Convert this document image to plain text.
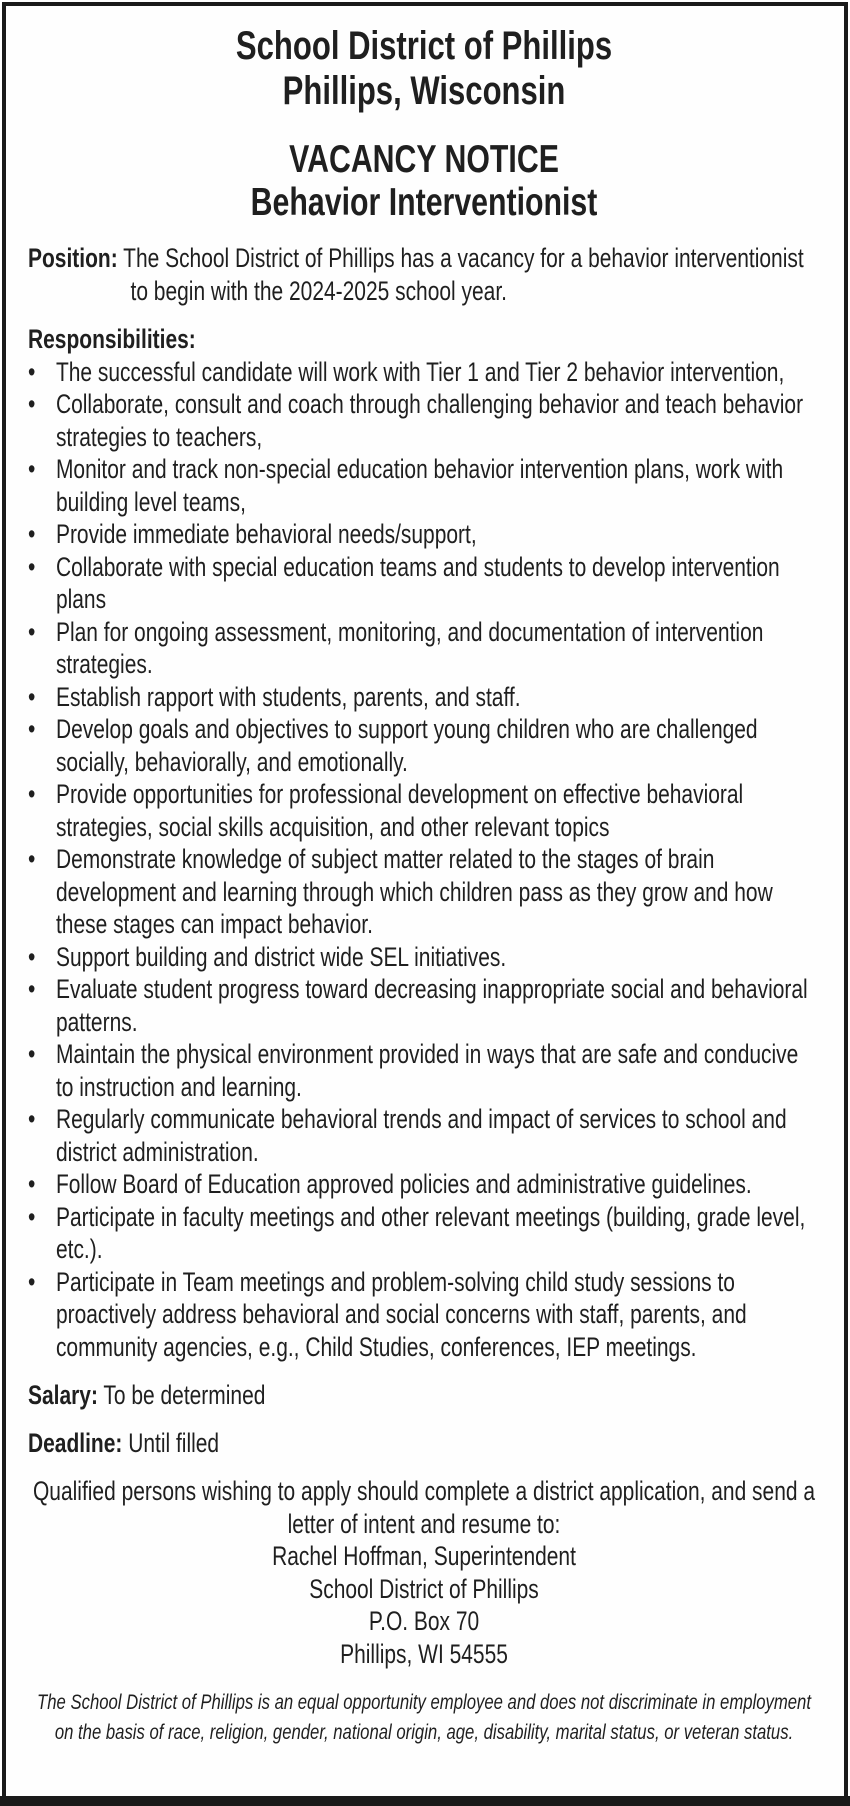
School District of Phillips
Phillips, Wisconsin
VACANCY NOTICE
Behavior Interventionist

Position: The School District of Phillips has a vacancy for a behavior interventionist to begin with the 2024-2025 school year.

Responsibilities:

• The successful candidate will work with Tier 1 and Tier 2 behavior intervention,
• Collaborate, consult and coach through challenging behavior and teach behavior strategies to teachers,
• Monitor and track non-special education behavior intervention plans, work with building level teams,
• Provide immediate behavioral needs/support,
• Collaborate with special education teams and students to develop intervention plans
• Plan for ongoing assessment, monitoring, and documentation of intervention strategies.
• Establish rapport with students, parents, and staff.
• Develop goals and objectives to support young children who are challenged socially, behaviorally, and emotionally.
• Provide opportunities for professional development on effective behavioral strategies, social skills acquisition, and other relevant topics
• Demonstrate knowledge of subject matter related to the stages of brain development and learning through which children pass as they grow and how these stages can impact behavior.
• Support building and district wide SEL initiatives.
• Evaluate student progress toward decreasing inappropriate social and behavioral patterns.
• Maintain the physical environment provided in ways that are safe and conducive to instruction and learning.
• Regularly communicate behavioral trends and impact of services to school and district administration.
• Follow Board of Education approved policies and administrative guidelines.
• Participate in faculty meetings and other relevant meetings (building, grade level, etc.).
• Participate in Team meetings and problem-solving child study sessions to proactively address behavioral and social concerns with staff, parents, and community agencies, e.g., Child Studies, conferences, IEP meetings.

Salary: To be determined

Deadline: Until filled

Qualified persons wishing to apply should complete a district application, and send a letter of intent and resume to:

Rachel Hoffman, Superintendent
School District of Phillips
P.O. Box 70
Phillips, WI 54555

The School District of Phillips is an equal opportunity employee and does not discriminate in employment on the basis of race, religion, gender, national origin, age, disability, marital status, or veteran status.
